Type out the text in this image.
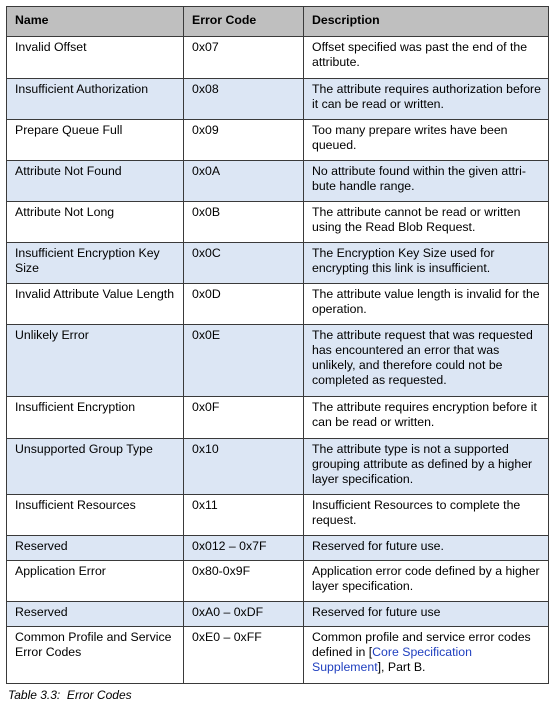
Name	Error Code	Description
Invalid Offset	0x07	Offset specified was past the end of the attribute.
Insufficient Authorization	0x08	The attribute requires authorization before it can be read or written.
Prepare Queue Full	0x09	Too many prepare writes have been queued.
Attribute Not Found	0x0A	No attribute found within the given attri-bute handle range.
Attribute Not Long	0x0B	The attribute cannot be read or written using the Read Blob Request.
Insufficient Encryption Key Size	0x0C	The Encryption Key Size used for encrypting this link is insufficient.
Invalid Attribute Value Length	0x0D	The attribute value length is invalid for the operation.
Unlikely Error	0x0E	The attribute request that was requested has encountered an error that was unlikely, and therefore could not be completed as requested.
Insufficient Encryption	0x0F	The attribute requires encryption before it can be read or written.
Unsupported Group Type	0x10	The attribute type is not a supported grouping attribute as defined by a higher layer specification.
Insufficient Resources	0x11	Insufficient Resources to complete the request.
Reserved	0x012 – 0x7F	Reserved for future use.
Application Error	0x80-0x9F	Application error code defined by a higher layer specification.
Reserved	0xA0 – 0xDF	Reserved for future use
Common Profile and Service Error Codes	0xE0 – 0xFF	Common profile and service error codes defined in [Core Specification Supplement], Part B.
Table 3.3:  Error Codes
